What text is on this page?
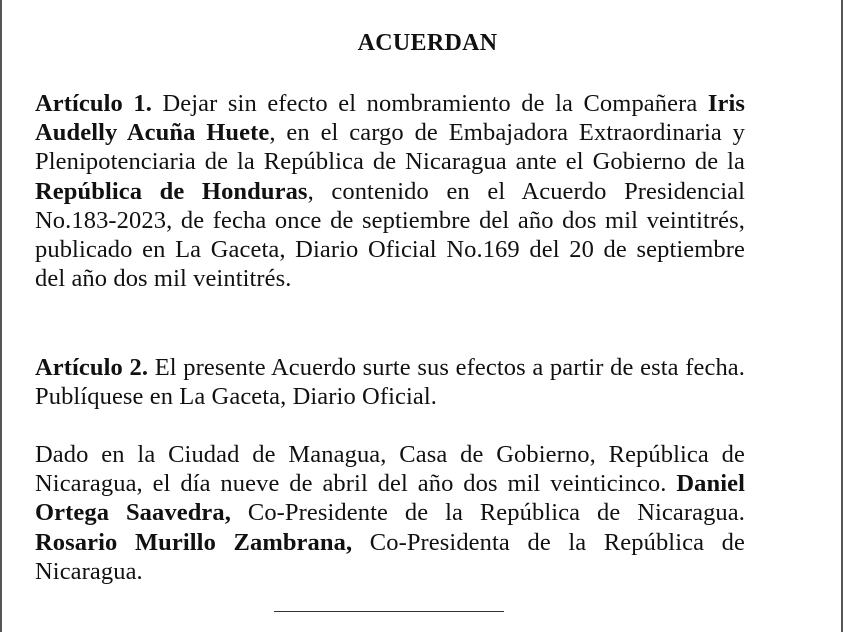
ACUERDAN
Artículo 1. Dejar sin efecto el nombramiento de la Compañera Iris Audelly Acuña Huete, en el cargo de Embajadora Extraordinaria y Plenipotenciaria de la República de Nicaragua ante el Gobierno de la República de Honduras, contenido en el Acuerdo Presidencial No.183-2023, de fecha once de septiembre del año dos mil veintitrés, publicado en La Gaceta, Diario Oficial No.169 del 20 de septiembre del año dos mil veintitrés.
Artículo 2. El presente Acuerdo surte sus efectos a partir de esta fecha. Publíquese en La Gaceta, Diario Oficial.
Dado en la Ciudad de Managua, Casa de Gobierno, República de Nicaragua, el día nueve de abril del año dos mil veinticinco. Daniel Ortega Saavedra, Co-Presidente de la República de Nicaragua. Rosario Murillo Zambrana, Co-Presidenta de la República de Nicaragua.
